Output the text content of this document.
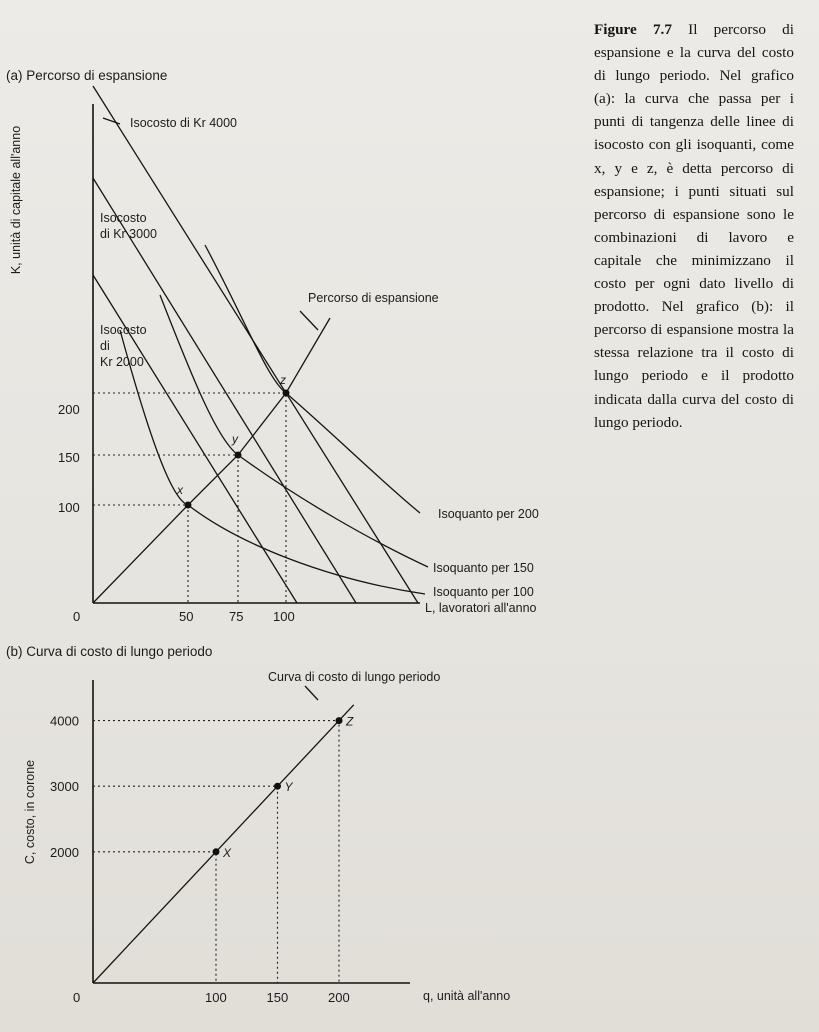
Figure 7.7 Il percorso di espansione e la curva del costo di lungo periodo. Nel grafico (a): la curva che passa per i punti di tangenza delle linee di isocosto con gli isoquanti, come x, y e z, è detta percorso di espansione; i punti situati sul percorso di espansione sono le combinazioni di lavoro e capitale che minimizzano il costo per ogni dato livello di prodotto. Nel grafico (b): il percorso di espansione mostra la stessa relazione tra il costo di lungo periodo e il prodotto indicata dalla curva del costo di lungo periodo.
(a) Percorso di espansione
K, unità di capitale all'anno
0
L, lavoratori all'anno
200
150
100
50	75 100
x
y
z
Isocosto di Kr 4000
Isocosto di Kr 3000
Isocosto di Kr 2000
Percorso di espansione
Isoquanto per 200
Isoquanto per 150
Isoquanto per 100
(b) Curva di costo di lungo periodo
C, costo, in corone
0	q, unità all'anno
X
100
2000
Y
150
3000
Z
200
4000
Curva di costo di lungo periodo
